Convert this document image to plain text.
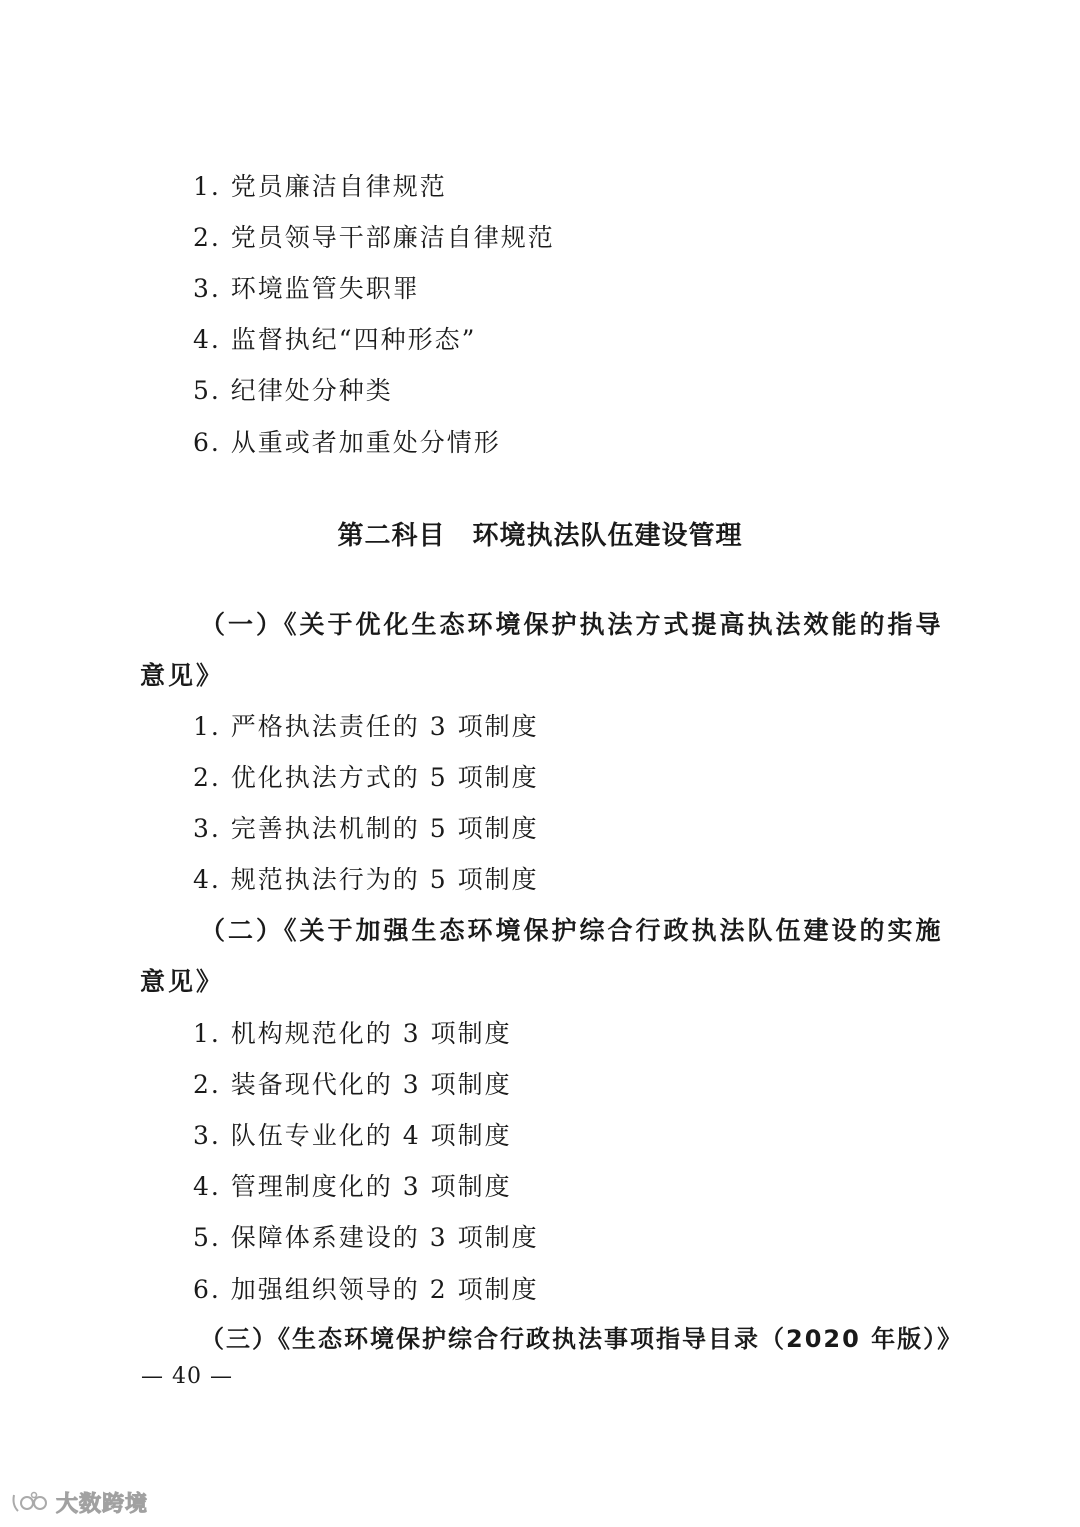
1. 党员廉洁自律规范
2. 党员领导干部廉洁自律规范
3. 环境监管失职罪
4. 监督执纪“四种形态”
5. 纪律处分种类
6. 从重或者加重处分情形
第二科目　环境执法队伍建设管理
（一）《关于优化生态环境保护执法方式提高执法效能的指导
意见》
1. 严格执法责任的 3 项制度
2. 优化执法方式的 5 项制度
3. 完善执法机制的 5 项制度
4. 规范执法行为的 5 项制度
（二）《关于加强生态环境保护综合行政执法队伍建设的实施
意见》
1. 机构规范化的 3 项制度
2. 装备现代化的 3 项制度
3. 队伍专业化的 4 项制度
4. 管理制度化的 3 项制度
5. 保障体系建设的 3 项制度
6. 加强组织领导的 2 项制度
（三）《生态环境保护综合行政执法事项指导目录（2020 年版）》
— 40 —
大数跨境
